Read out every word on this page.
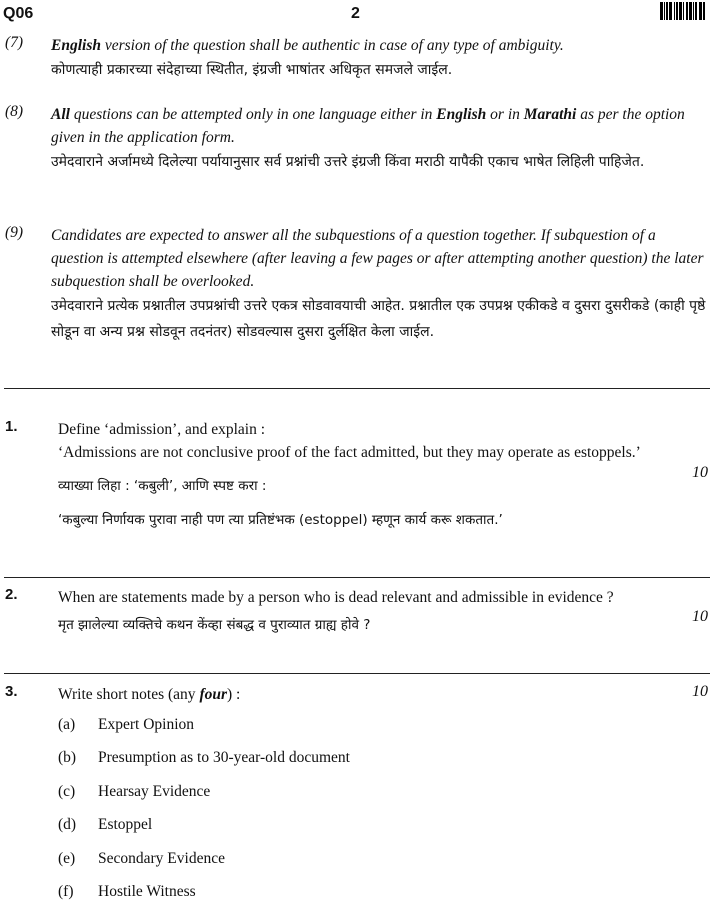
Q06	2
(7) English version of the question shall be authentic in case of any type of ambiguity.
कोणत्याही प्रकारच्या संदेहाच्या स्थितीत, इंग्रजी भाषांतर अधिकृत समजले जाईल.
(8) All questions can be attempted only in one language either in English or in Marathi as per the option given in the application form.
उमेदवाराने अर्जामध्ये दिलेल्या पर्यायानुसार सर्व प्रश्नांची उत्तरे इंग्रजी किंवा मराठी यापैकी एकाच भाषेत लिहिली पाहिजेत.
(9) Candidates are expected to answer all the subquestions of a question together. If subquestion of a question is attempted elsewhere (after leaving a few pages or after attempting another question) the later subquestion shall be overlooked.
उमेदवाराने प्रत्येक प्रश्नातील उपप्रश्नांची उत्तरे एकत्र सोडवावयाची आहेत. प्रश्नातील एक उपप्रश्न एकीकडे व दुसरा दुसरीकडे (काही पृष्ठे सोडून वा अन्य प्रश्न सोडवून तदनंतर) सोडवल्यास दुसरा दुर्लक्षित केला जाईल.
1.	Define ‘admission’, and explain :
‘Admissions are not conclusive proof of the fact admitted, but they may operate as estoppels.’
व्याख्या लिहा : ‘कबुली’, आणि स्पष्ट करा :
‘कबुल्या निर्णायक पुरावा नाही पण त्या प्रतिष्टंभक (estoppel) म्हणून कार्य करू शकतात.’
10
2.	When are statements made by a person who is dead relevant and admissible in evidence ?
मृत झालेल्या व्यक्तिचे कथन केंव्हा संबद्ध व पुराव्यात ग्राह्य होवे ?	10
3.	Write short notes (any four) :	10
(a) Expert Opinion
(b) Presumption as to 30-year-old document
(c) Hearsay Evidence
(d) Estoppel
(e) Secondary Evidence
(f) Hostile Witness
